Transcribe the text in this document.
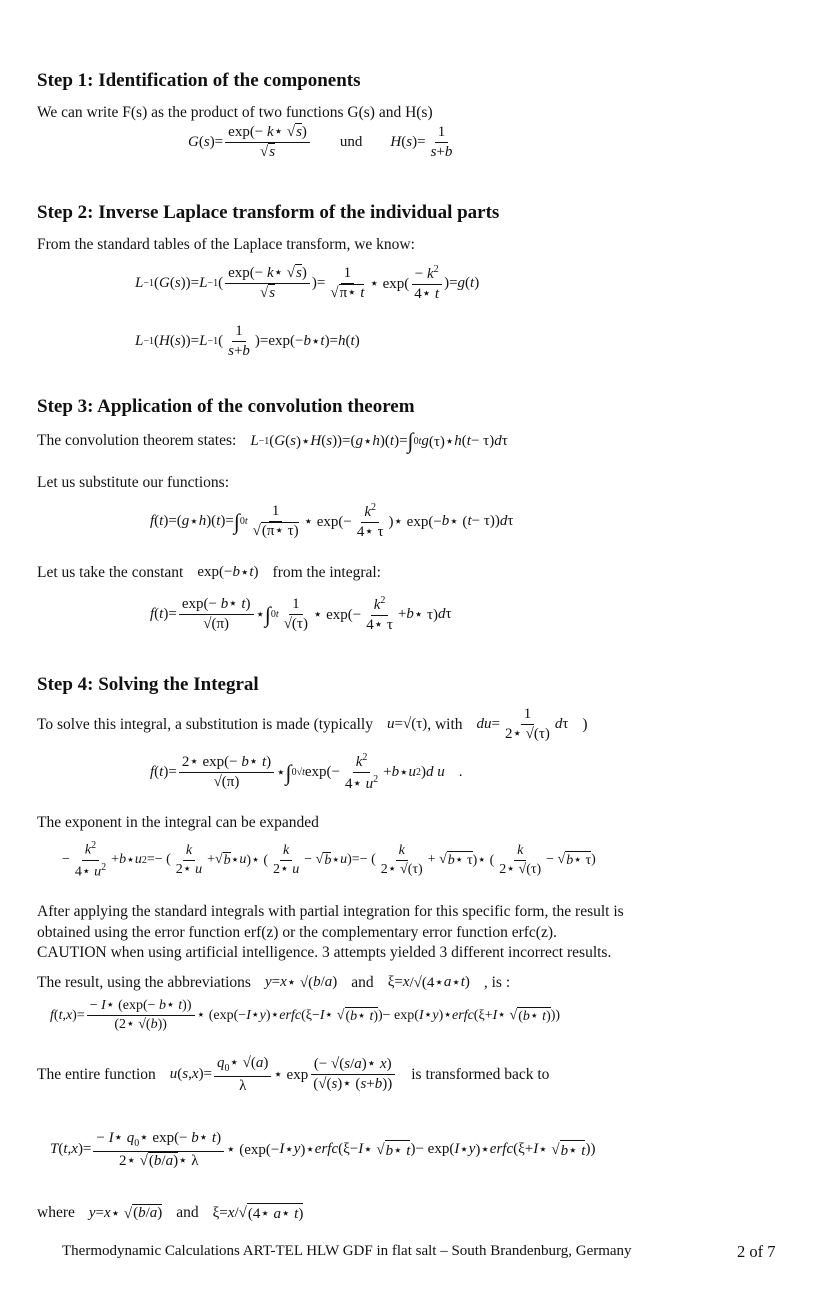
Step 1: Identification of the components

We can write F(s) as the product of two functions G(s) and H(s)

G ( s )= $\frac{\exp(- k⋆ √s)}{√s}$ und H ( s )= $\frac{1}{s+b}$
Step 2: Inverse Laplace transform of the individual parts

From the standard tables of the Laplace transform, we know:

L −1 ( G ( s ))= L −1 ( $\frac{\exp(- k⋆ √s)}{√s}$ )= $\frac{1}{√\pi⋆ t}$ ⋆ $\exp( \frac{- k^2}{4⋆ t}$ )= g ( t )
L −1 ( H ( s ))= L −1 ( $\frac{1}{s+b} )=\exp(- b$ ⋆ t )= h ( t )
Step 3: Application of the convolution theorem
The convolution theorem states: L −1 ( G ( s )⋆ H ( s ))=( g ⋆ h )( t )= ∫ 0 t g (τ)⋆ h ( t − τ) d τ

Let us substitute our functions:

f ( t )=( g ⋆ h )( t )= ∫ 0 t $\frac{1}{√(\pi⋆ \tau)}$ ⋆ $\exp(- \frac{k^2}{4⋆ \tau}$ )⋆ exp(− b ⋆ ( t − τ)) d τ
Let us take the constant exp(− b ⋆ t ) from the integral:
f ( t )= $\frac{\exp(- b⋆ t)}{√(\pi)}$ ⋆ ∫ 0 t $\frac{1}{√(\tau)}$ ⋆ $\exp(- \frac{k^2}{4⋆ \tau} + b$ ⋆ τ) d τ
Step 4: Solving the Integral
To solve this integral, a substitution is made (typically u =√(τ) , with du = $\frac{1}{2⋆ √(\tau)}$ d τ )
f ( t )= $\frac{2⋆ \exp(- b⋆ t)}{√(\pi)}$ ⋆ ∫ 0 √t $\exp(- \frac{k^2}{4⋆ u^2} + b$ ⋆ u 2 ) d u .

The exponent in the integral can be expanded

− $\frac{k^2}{4⋆ u^2} + b$ ⋆ u 2 =− ( $\frac{k}{2⋆ u}$ +√ b ⋆ u )⋆ ( $\frac{k}{2⋆ u}$ − √ b ⋆ u )=− ( $\frac{k}{2⋆ √(\tau)}$ + √ b⋆ τ )⋆ ( $\frac{k}{2⋆ √(\tau)}$ − √ b⋆ τ )

After applying the standard integrals with partial integration for this specific form, the result is

obtained using the error function erf(z) or the complementary error function erfc(z).

CAUTION when using artificial intelligence. 3 attempts yielded 3 different incorrect results.

The result, using the abbreviations y = x ⋆ √( b / a ) and ξ= x /√(4⋆ a ⋆ t ) , is :
f ( t , x )= $\frac{- I⋆ (\exp(- b⋆ t))}{(2⋆ √(b))}$ ⋆ (exp(− I ⋆ y )⋆ erfc (ξ− I ⋆ √ (b⋆ t) )− exp( I ⋆ y )⋆ erfc (ξ+ I ⋆ √ (b⋆ t) ))
The entire function u ( s , x )= $\frac{q_0⋆ √(a)}{\lambda}$ ⋆ $\exp \frac{(- √(s/a)⋆ x)}{(√(s)⋆ (s+b))}$ is transformed back to
T ( t , x )= $\frac{- I⋆ q_0⋆ \exp(- b⋆ t)}{2⋆ √(b/a)⋆ \lambda}$ ⋆ (exp(− I ⋆ y )⋆ erfc (ξ− I ⋆ √ b⋆ t )− exp( I ⋆ y )⋆ erfc (ξ+ I ⋆ √ b⋆ t ))
where y = x ⋆ √ (b/a) and ξ= x /√ (4⋆ a⋆ t)
Thermodynamic Calculations ART-TEL HLW GDF in flat salt – South Brandenburg, Germany	2 of 7
